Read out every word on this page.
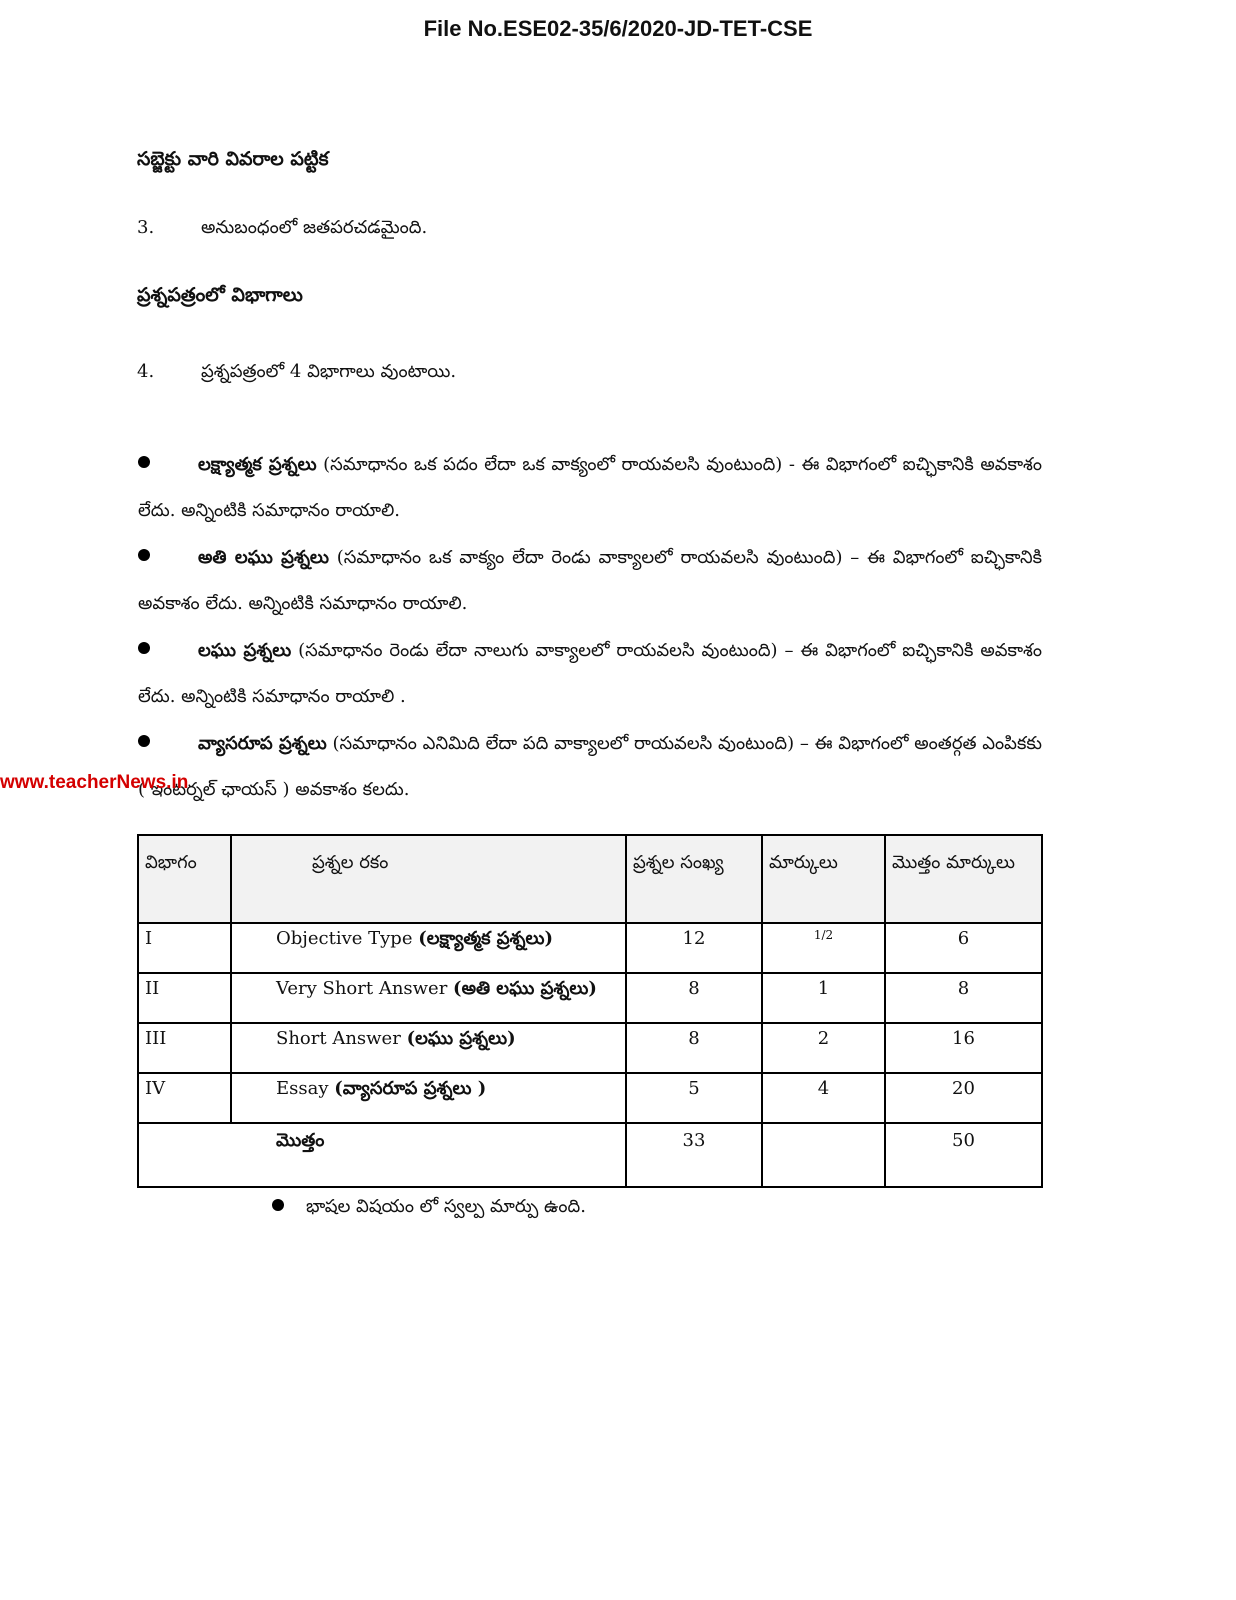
File No.ESE02-35/6/2020-JD-TET-CSE
సబ్జెక్టు వారి వివరాల పట్టిక
3.	అనుబంధంలో జతపరచడమైంది.
ప్రశ్నపత్రంలో విభాగాలు
4.	ప్రశ్నపత్రంలో 4 విభాగాలు వుంటాయి.
లక్ష్యాత్మక ప్రశ్నలు (సమాధానం ఒక పదం లేదా ఒక వాక్యంలో రాయవలసి వుంటుంది) - ఈ విభాగంలో ఐచ్ఛికానికి అవకాశం లేదు. అన్నింటికి సమాధానం రాయాలి.
అతి లఘు ప్రశ్నలు (సమాధానం ఒక వాక్యం లేదా రెండు వాక్యాలలో రాయవలసి వుంటుంది) – ఈ విభాగంలో ఐచ్ఛికానికి అవకాశం లేదు. అన్నింటికి సమాధానం రాయాలి.
లఘు ప్రశ్నలు (సమాధానం రెండు లేదా నాలుగు వాక్యాలలో రాయవలసి వుంటుంది) – ఈ విభాగంలో ఐచ్ఛికానికి అవకాశం లేదు. అన్నింటికి సమాధానం రాయాలి .
వ్యాసరూప ప్రశ్నలు (సమాధానం ఎనిమిది లేదా పది వాక్యాలలో రాయవలసి వుంటుంది) – ఈ విభాగంలో అంతర్గత ఎంపికకు ( ఇంటర్నల్ ఛాయస్ ) అవకాశం కలదు.
www.teacherNews.in
విభాగం	ప్రశ్నల రకం	ప్రశ్నల సంఖ్య	మార్కులు	మొత్తం మార్కులు
I	Objective Type (లక్ష్యాత్మక ప్రశ్నలు)	12	$^{1/2}$	6
II	Very Short Answer (అతి లఘు ప్రశ్నలు)	8	1	8
III	Short Answer (లఘు ప్రశ్నలు)	8	2	16
IV	Essay (వ్యాసరూప ప్రశ్నలు )	5	4	20
మొత్తం		33		50
భాషల విషయం లో స్వల్ప మార్పు ఉంది.
